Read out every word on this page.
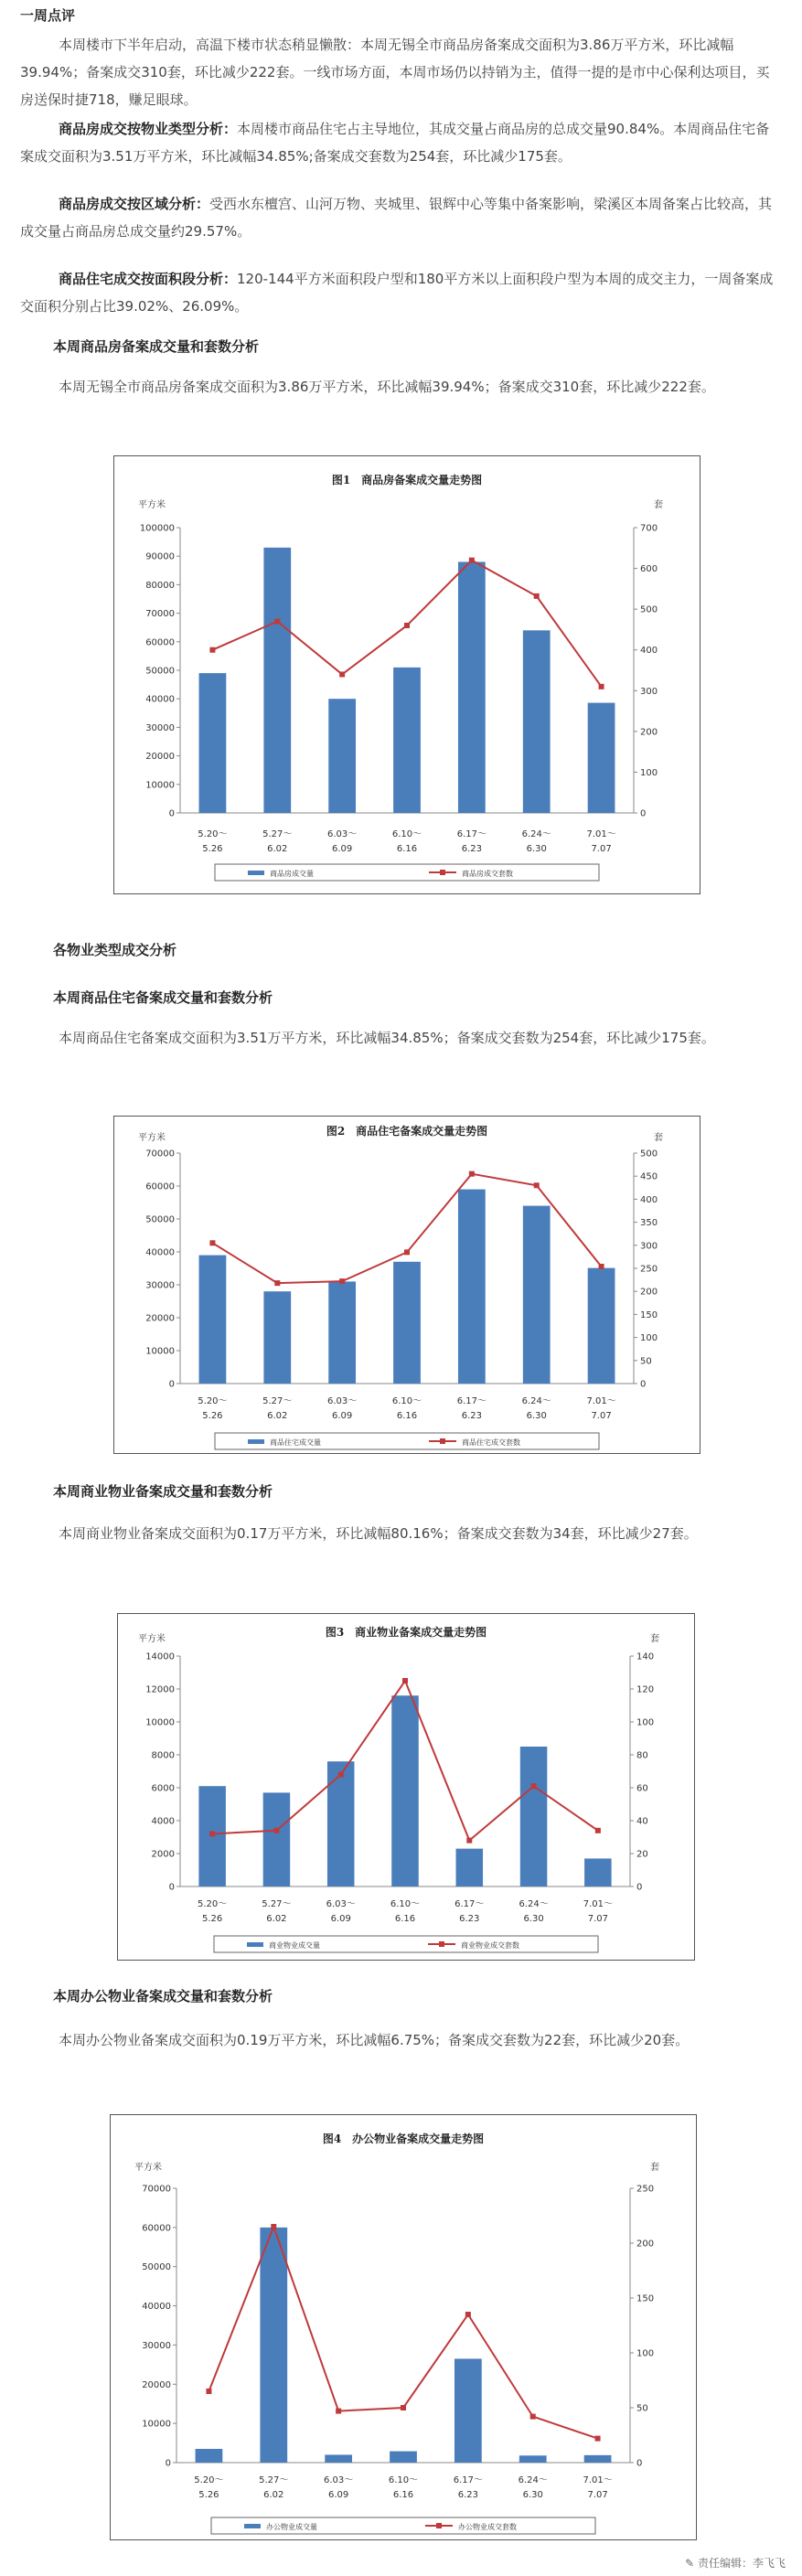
一周点评

本周楼市下半年启动，高温下楼市状态稍显懒散：本周无锡全市商品房备案成交面积为3.86万平方米，环比减幅39.94%；备案成交310套，环比减少222套。一线市场方面，本周市场仍以持销为主，值得一提的是市中心保利达项目，买房送保时捷718，赚足眼球。

商品房成交按物业类型分析：本周楼市商品住宅占主导地位，其成交量占商品房的总成交量90.84%。本周商品住宅备案成交面积为3.51万平方米，环比减幅34.85%;备案成交套数为254套，环比减少175套。

商品房成交按区域分析：受西水东檀宫、山河万物、夹城里、银辉中心等集中备案影响，梁溪区本周备案占比较高，其成交量占商品房总成交量约29.57%。

商品住宅成交按面积段分析：120-144平方米面积段户型和180平方米以上面积段户型为本周的成交主力，一周备案成交面积分别占比39.02%、26.09%。

本周商品房备案成交量和套数分析

本周无锡全市商品房备案成交面积为3.86万平方米，环比减幅39.94%；备案成交310套，环比减少222套。

图1　商品房备案成交量走势图
平方米	套
0
10000
20000
30000
40000
50000
60000
70000
80000
90000
100000
0
100
200
300
400
500
600
700
5.20～
5.26
5.27～
6.02
6.03～
6.09
6.10～
6.16
6.17～
6.23
6.24～
6.30
7.01～
7.07
商品房成交量	商品房成交套数
各物业类型成交分析
本周商品住宅备案成交量和套数分析

本周商品住宅备案成交面积为3.51万平方米，环比减幅34.85%；备案成交套数为254套，环比减少175套。

图2　商品住宅备案成交量走势图
平方米	套
0
10000
20000
30000
40000
50000
60000
70000
0
50
100
150
200
250
300
350
400
450
500
5.20～
5.26
5.27～
6.02
6.03～
6.09
6.10～
6.16
6.17～
6.23
6.24～
6.30
7.01～
7.07
商品住宅成交量	商品住宅成交套数
本周商业物业备案成交量和套数分析

本周商业物业备案成交面积为0.17万平方米，环比减幅80.16%；备案成交套数为34套，环比减少27套。

图3　商业物业备案成交量走势图
平方米	套
0
2000
4000
6000
8000
10000
12000
14000
0
20
40
60
80
100
120
140
5.20～
5.26
5.27～
6.02
6.03～
6.09
6.10～
6.16
6.17～
6.23
6.24～
6.30
7.01～
7.07
商业物业成交量	商业物业成交套数
本周办公物业备案成交量和套数分析

本周办公物业备案成交面积为0.19万平方米，环比减幅6.75%；备案成交套数为22套，环比减少20套。

图4　办公物业备案成交量走势图
平方米	套
0
10000
20000
30000
40000
50000
60000
70000
0
50
100
150
200
250
5.20～
5.26
5.27～
6.02
6.03～
6.09
6.10～
6.16
6.17～
6.23
6.24～
6.30
7.01～
7.07
办公物业成交量	办公物业成交套数
✎ 责任编辑：李飞飞
